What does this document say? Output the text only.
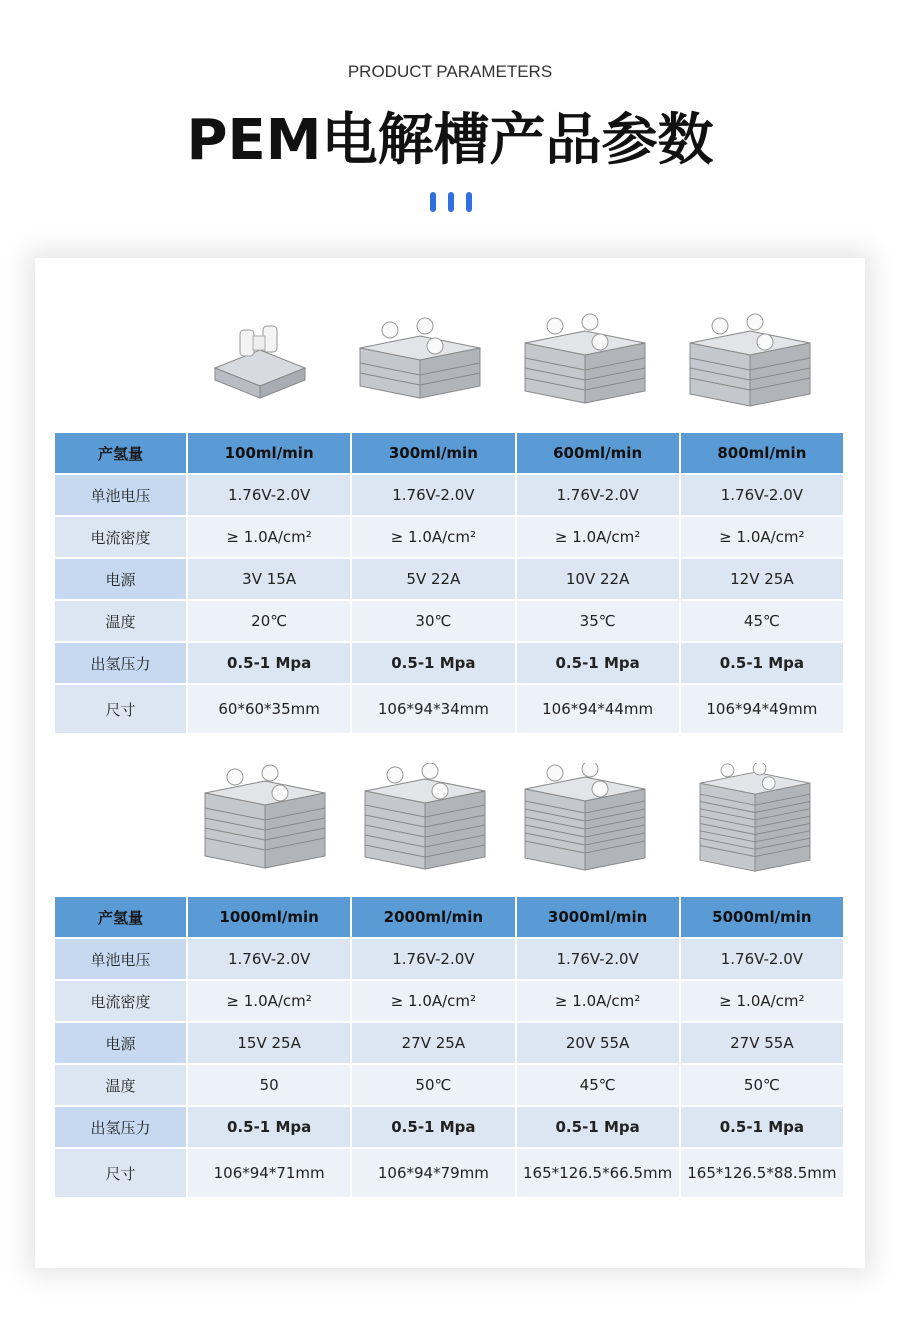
PRODUCT PARAMETERS
PEM电解槽产品参数
产氢量	100ml/min	300ml/min	600ml/min	800ml/min
单池电压	1.76V-2.0V	1.76V-2.0V	1.76V-2.0V	1.76V-2.0V
电流密度	≥ 1.0A/cm²	≥ 1.0A/cm²	≥ 1.0A/cm²	≥ 1.0A/cm²
电源	3V 15A	5V 22A	10V 22A	12V 25A
温度	20℃	30℃	35℃	45℃
出氢压力	0.5-1 Mpa	0.5-1 Mpa	0.5-1 Mpa	0.5-1 Mpa
尺寸	60*60*35mm	106*94*34mm	106*94*44mm	106*94*49mm
产氢量	1000ml/min	2000ml/min	3000ml/min	5000ml/min
单池电压	1.76V-2.0V	1.76V-2.0V	1.76V-2.0V	1.76V-2.0V
电流密度	≥ 1.0A/cm²	≥ 1.0A/cm²	≥ 1.0A/cm²	≥ 1.0A/cm²
电源	15V 25A	27V 25A	20V 55A	27V 55A
温度	50	50℃	45℃	50℃
出氢压力	0.5-1 Mpa	0.5-1 Mpa	0.5-1 Mpa	0.5-1 Mpa
尺寸	106*94*71mm	106*94*79mm	165*126.5*66.5mm	165*126.5*88.5mm
